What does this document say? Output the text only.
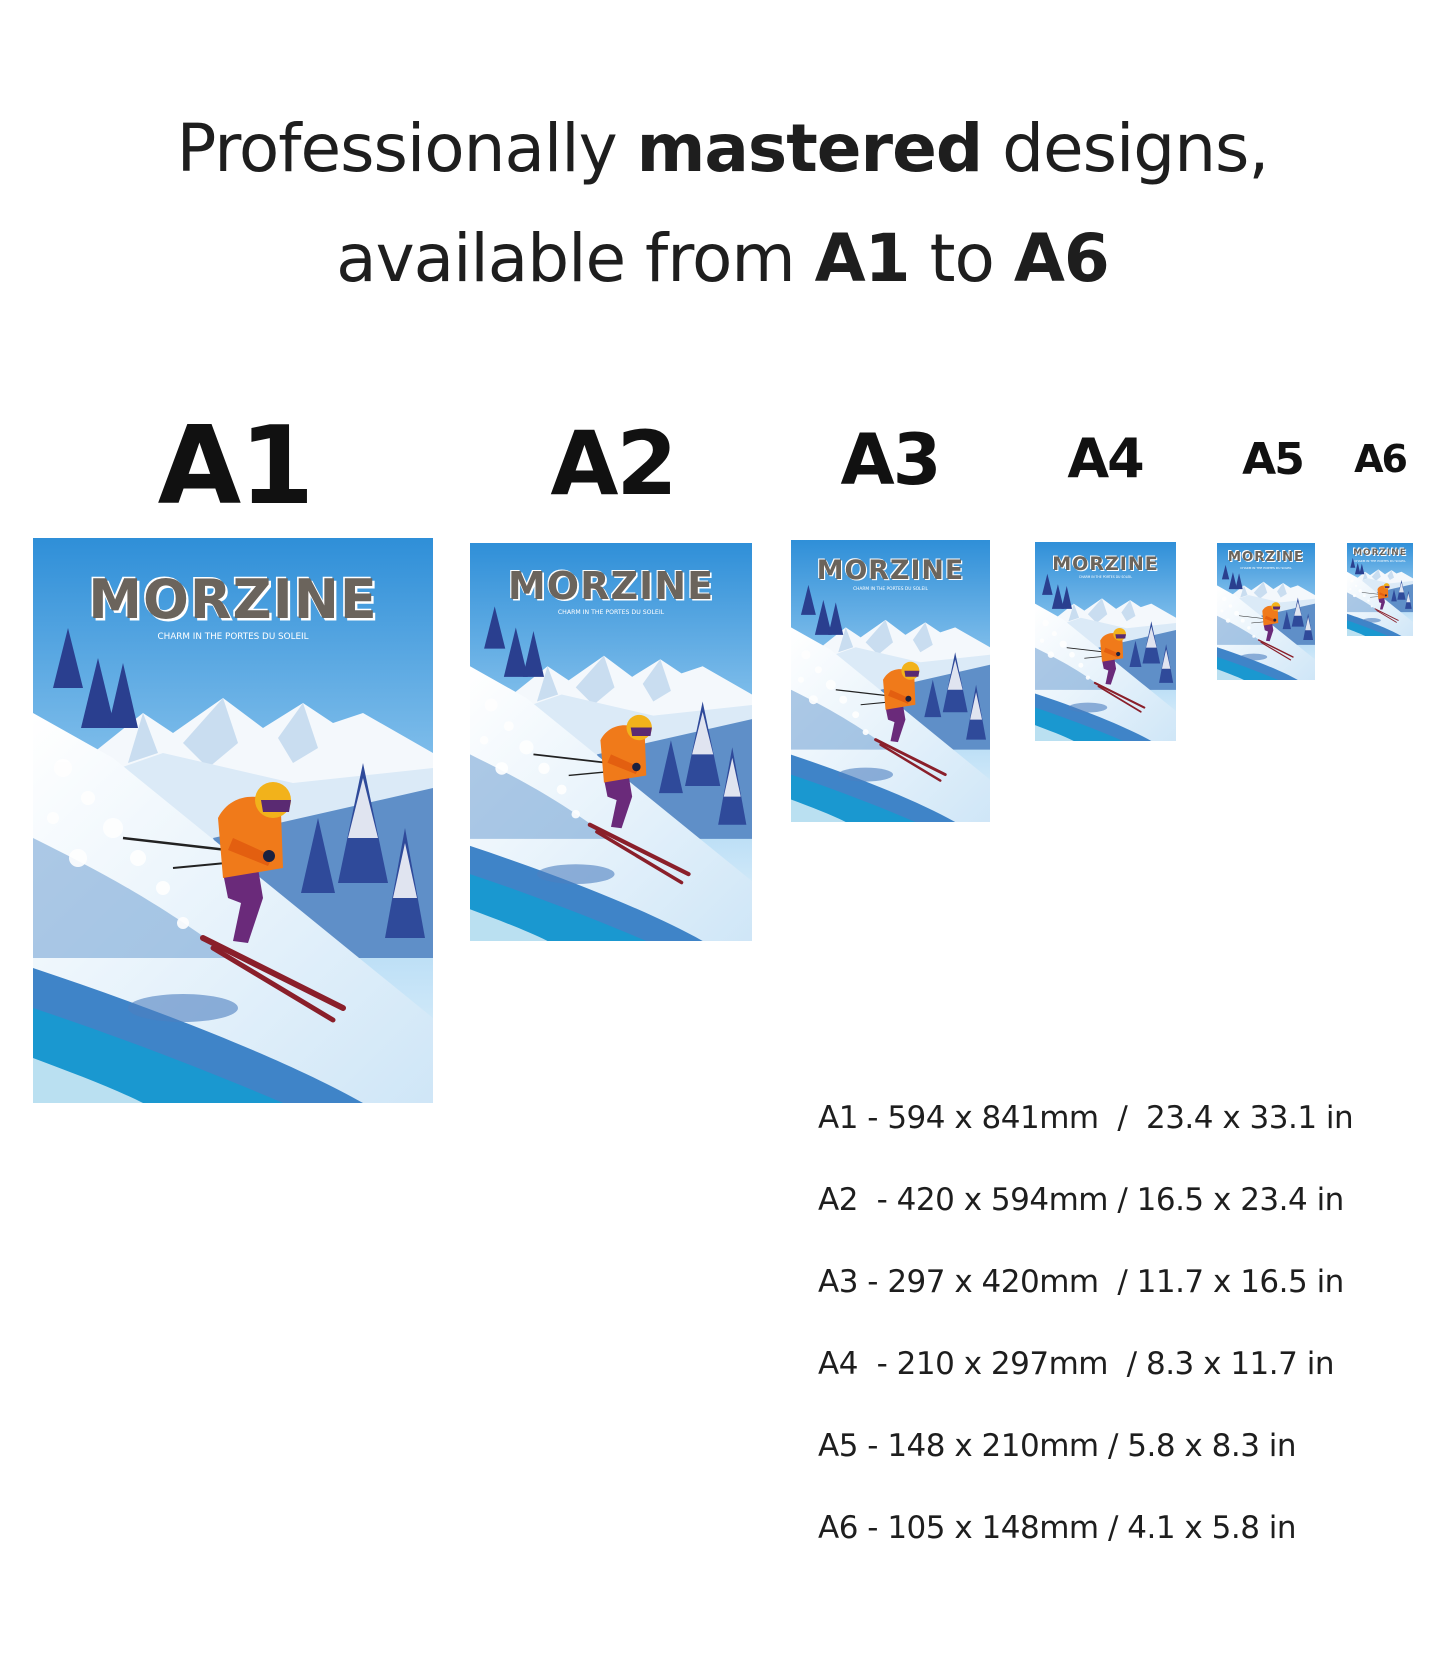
Professionally mastered designs,
available from A1 to A6
A1	A2 A3 A4 A5	A6
MORZINE
CHARM IN THE PORTES DU SOLEIL
MORZINE
CHARM IN THE PORTES DU SOLEIL
MORZINE
CHARM IN THE PORTES DU SOLEIL
MORZINE
CHARM IN THE PORTES DU SOLEIL
MORZINE
CHARM IN THE PORTES DU SOLEIL
MORZINE
CHARM IN THE PORTES DU SOLEIL
A1 - 594 x 841mm  /  23.4 x 33.1 in
A2  - 420 x 594mm / 16.5 x 23.4 in
A3 - 297 x 420mm  / 11.7 x 16.5 in
A4  - 210 x 297mm  / 8.3 x 11.7 in
A5 - 148 x 210mm / 5.8 x 8.3 in
A6 - 105 x 148mm / 4.1 x 5.8 in
